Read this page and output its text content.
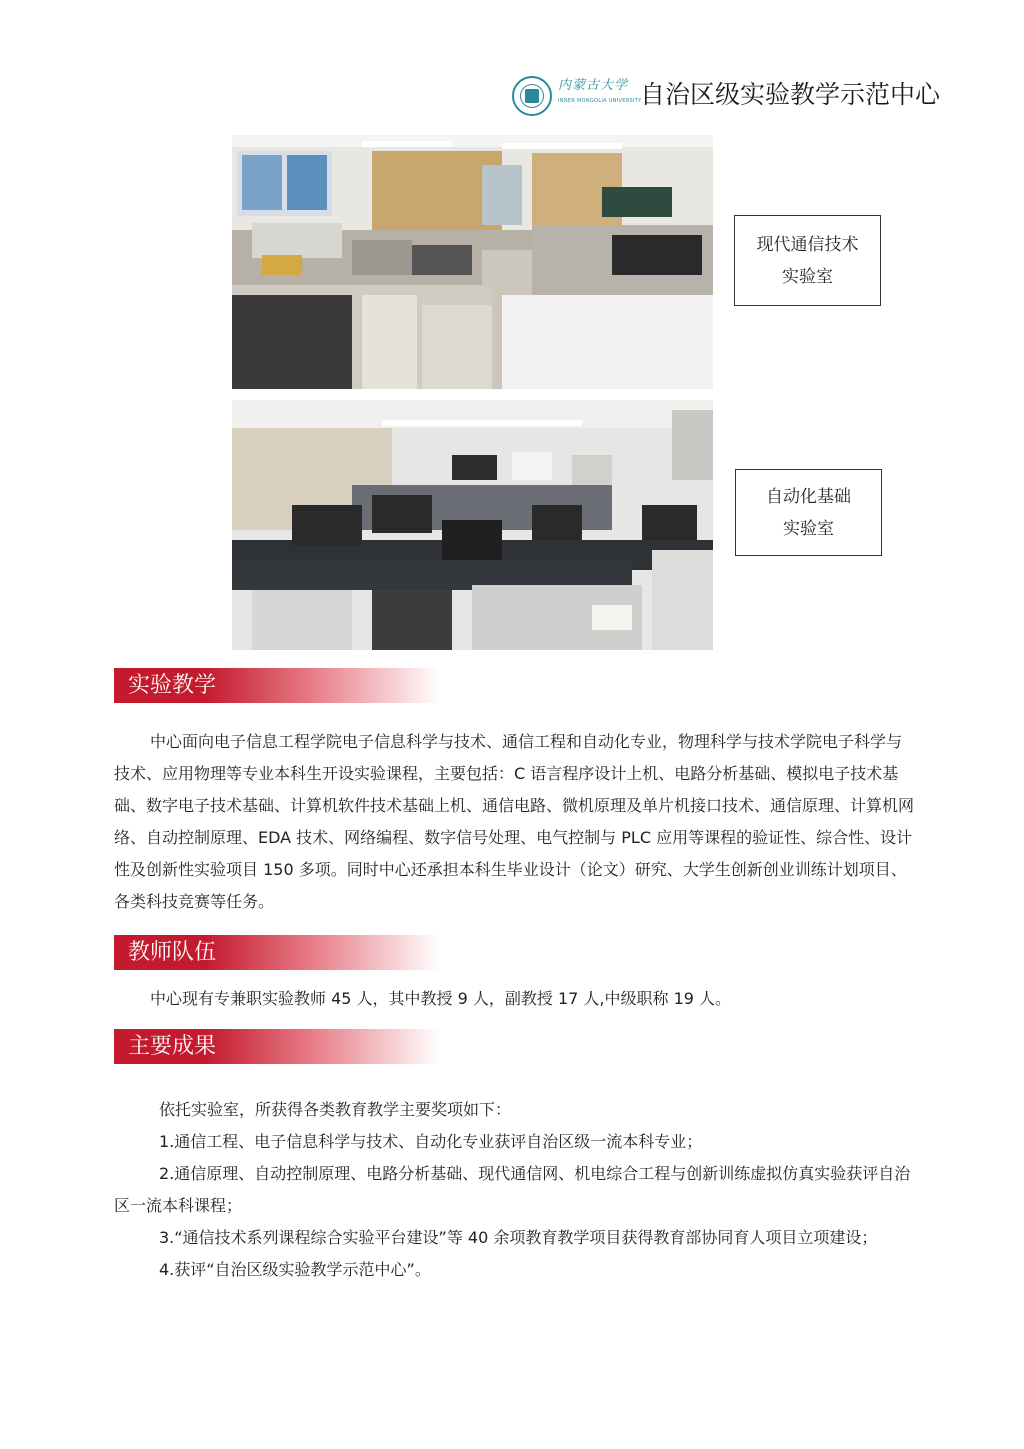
内蒙古大学
INNER MONGOLIA UNIVERSITY
自治区级实验教学示范中心
现代通信技术
实验室
自动化基础
实验室
实验教学
中心面向电子信息工程学院电子信息科学与技术、通信工程和自动化专业，物理科学与技术学院电子科学与技术、应用物理等专业本科生开设实验课程，主要包括：C 语言程序设计上机、电路分析基础、模拟电子技术基础、数字电子技术基础、计算机软件技术基础上机、通信电路、微机原理及单片机接口技术、通信原理、计算机网络、自动控制原理、EDA 技术、网络编程、数字信号处理、电气控制与 PLC 应用等课程的验证性、综合性、设计性及创新性实验项目 150 多项。同时中心还承担本科生毕业设计（论文）研究、大学生创新创业训练计划项目、各类科技竞赛等任务。
教师队伍
中心现有专兼职实验教师 45 人，其中教授 9 人，副教授 17 人,中级职称 19 人。
主要成果
依托实验室，所获得各类教育教学主要奖项如下：
1.通信工程、电子信息科学与技术、自动化专业获评自治区级一流本科专业；
2.通信原理、自动控制原理、电路分析基础、现代通信网、机电综合工程与创新训练虚拟仿真实验获评自治区一流本科课程；
3.“通信技术系列课程综合实验平台建设”等 40 余项教育教学项目获得教育部协同育人项目立项建设；
4.获评“自治区级实验教学示范中心”。
